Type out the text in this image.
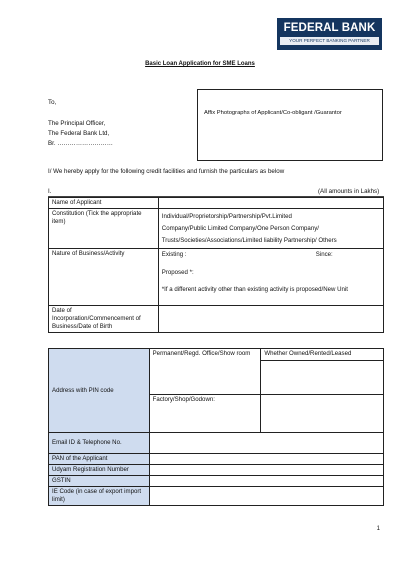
FEDERAL BANK
YOUR PERFECT BANKING PARTNER
Basic Loan Application for SME Loans
To,
The Principal Officer,
The Federal Bank Ltd,
Br. ………………………
Affix Photographs of Applicant/Co-obligant /Guarantor
I/ We hereby apply for the following credit facilities and furnish the particulars as below
I.	(All amounts in Lakhs)
Name of Applicant	
Constitution (Tick the appropriate item)	Individual/Proprietorship/Partnership/Pvt.Limited
Company/Public Limited Company/One Person Company/
Trusts/Societies/Associations/Limited liability Partnership/ Others

Nature of Business/Activity	Existing : Since:
Proposed *:
*If a different activity other than existing activity is proposed/New Unit

Date of Incorporation/Commencement of Business/Date of Birth	
Address with PIN code	Permanent/Regd. Office/Show room	Whether Owned/Rented/Leased

	Factory/Shop/Godown:	
Email ID & Telephone No.		
PAN of the Applicant		
Udyam Registration Number		
GSTIN		
IE Code (in case of export import limit)		
1
